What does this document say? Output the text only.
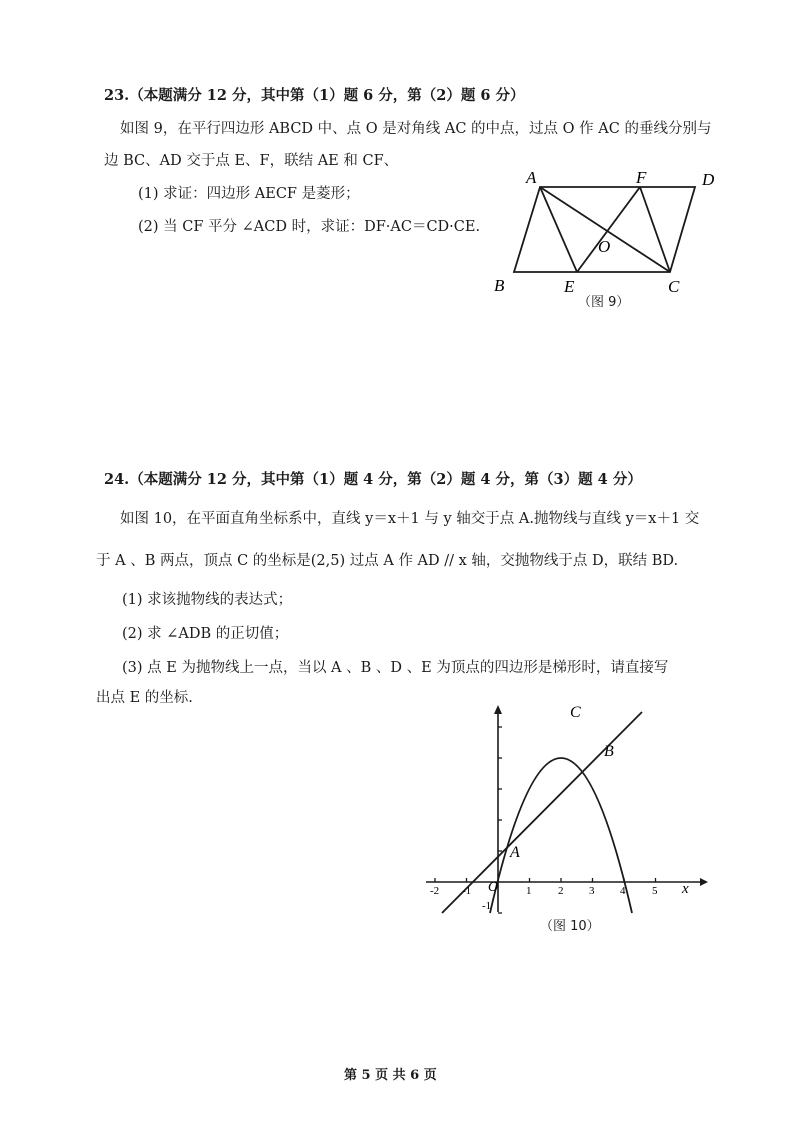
23.（本题满分 12 分，其中第（1）题 6 分，第（2）题 6 分）
如图 9，在平行四边形 ABCD 中、点 O 是对角线 AC 的中点，过点 O 作 AC 的垂线分别与
边 BC、AD 交于点 E、F，联结 AE 和 CF、
(1) 求证：四边形 AECF 是菱形；
(2) 当 CF 平分 ∠ACD 时，求证：DF·AC＝CD·CE.
A	F	D
O
B	E	C
（图 9）
24.（本题满分 12 分，其中第（1）题 4 分，第（2）题 4 分，第（3）题 4 分）
如图 10，在平面直角坐标系中，直线 y＝x＋1 与 y 轴交于点 A.抛物线与直线 y＝x＋1 交
于 A 、B 两点，顶点 C 的坐标是(2,5) 过点 A 作 AD // x 轴，交抛物线于点 D，联结 BD.
(1) 求该抛物线的表达式；
(2) 求 ∠ADB 的正切值；
(3) 点 E 为抛物线上一点，当以 A 、B 、D 、E 为顶点的四边形是梯形时，请直接写
出点 E 的坐标.
C
B
A
O	x
-2 -1	1 2 3 4 5
-1
（图 10）
第 5 页 共 6 页
